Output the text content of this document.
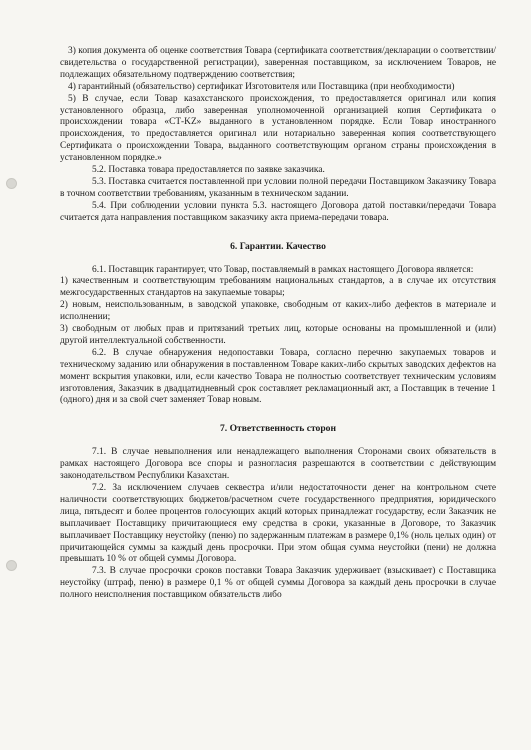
3) копия документа об оценке соответствия Товара (сертификата соответствия/декларации о соответствии/свидетельства о государственной регистрации), заверенная поставщиком, за исключением Товаров, не подлежащих обязательному подтверждению соответствия;

4) гарантийный (обязательство) сертификат Изготовителя или Поставщика (при необходимости)

5) В случае, если Товар казахстанского происхождения, то предоставляется оригинал или копия установленного образца, либо заверенная уполномоченной организацией копия Сертификата о происхождении товара «СТ-KZ» выданного в установленном порядке. Если Товар иностранного происхождения, то предоставляется оригинал или нотариально заверенная копия соответствующего Сертификата о происхождении Товара, выданного соответствующим органом страны происхождения в установленном порядке.»

5.2. Поставка товара предоставляется по заявке заказчика.

5.3. Поставка считается поставленной при условии полной передачи Поставщиком Заказчику Товара в точном соответствии требованиям, указанным в техническом задании.

5.4. При соблюдении условии пункта 5.3. настоящего Договора датой поставки/передачи Товара считается дата направления поставщиком заказчику акта приема-передачи товара.

6. Гарантии. Качество

6.1. Поставщик гарантирует, что Товар, поставляемый в рамках настоящего Договора является:

1) качественным и соответствующим требованиям национальных стандартов, а в случае их отсутствия межгосударственных стандартов на закупаемые товары;

2) новым, неиспользованным, в заводской упаковке, свободным от каких-либо дефектов в материале и исполнении;

3) свободным от любых прав и притязаний третьих лиц, которые основаны на промышленной и (или) другой интеллектуальной собственности.

6.2. В случае обнаружения недопоставки Товара, согласно перечню закупаемых товаров и техническому заданию или обнаружения в поставленном Товаре каких-либо скрытых заводских дефектов на момент вскрытия упаковки, или, если качество Товара не полностью соответствует техническим условиям изготовления, Заказчик в двадцатидневный срок составляет рекламационный акт, а Поставщик в течение 1 (одного) дня и за свой счет заменяет Товар новым.

7. Ответственность сторон

7.1. В случае невыполнения или ненадлежащего выполнения Сторонами своих обязательств в рамках настоящего Договора все споры и разногласия разрешаются в соответствии с действующим законодательством Республики Казахстан.

7.2. За исключением случаев секвестра и/или недостаточности денег на контрольном счете наличности соответствующих бюджетов/расчетном счете государственного предприятия, юридического лица, пятьдесят и более процентов голосующих акций которых принадлежат государству, если Заказчик не выплачивает Поставщику причитающиеся ему средства в сроки, указанные в Договоре, то Заказчик выплачивает Поставщику неустойку (пеню) по задержанным платежам в размере 0,1% (ноль целых один) от причитающейся суммы за каждый день просрочки. При этом общая сумма неустойки (пени) не должна превышать 10 % от общей суммы Договора.

7.3. В случае просрочки сроков поставки Товара Заказчик удерживает (взыскивает) с Поставщика неустойку (штраф, пеню) в размере 0,1 % от общей суммы Договора за каждый день просрочки в случае полного неисполнения поставщиком обязательств либо
